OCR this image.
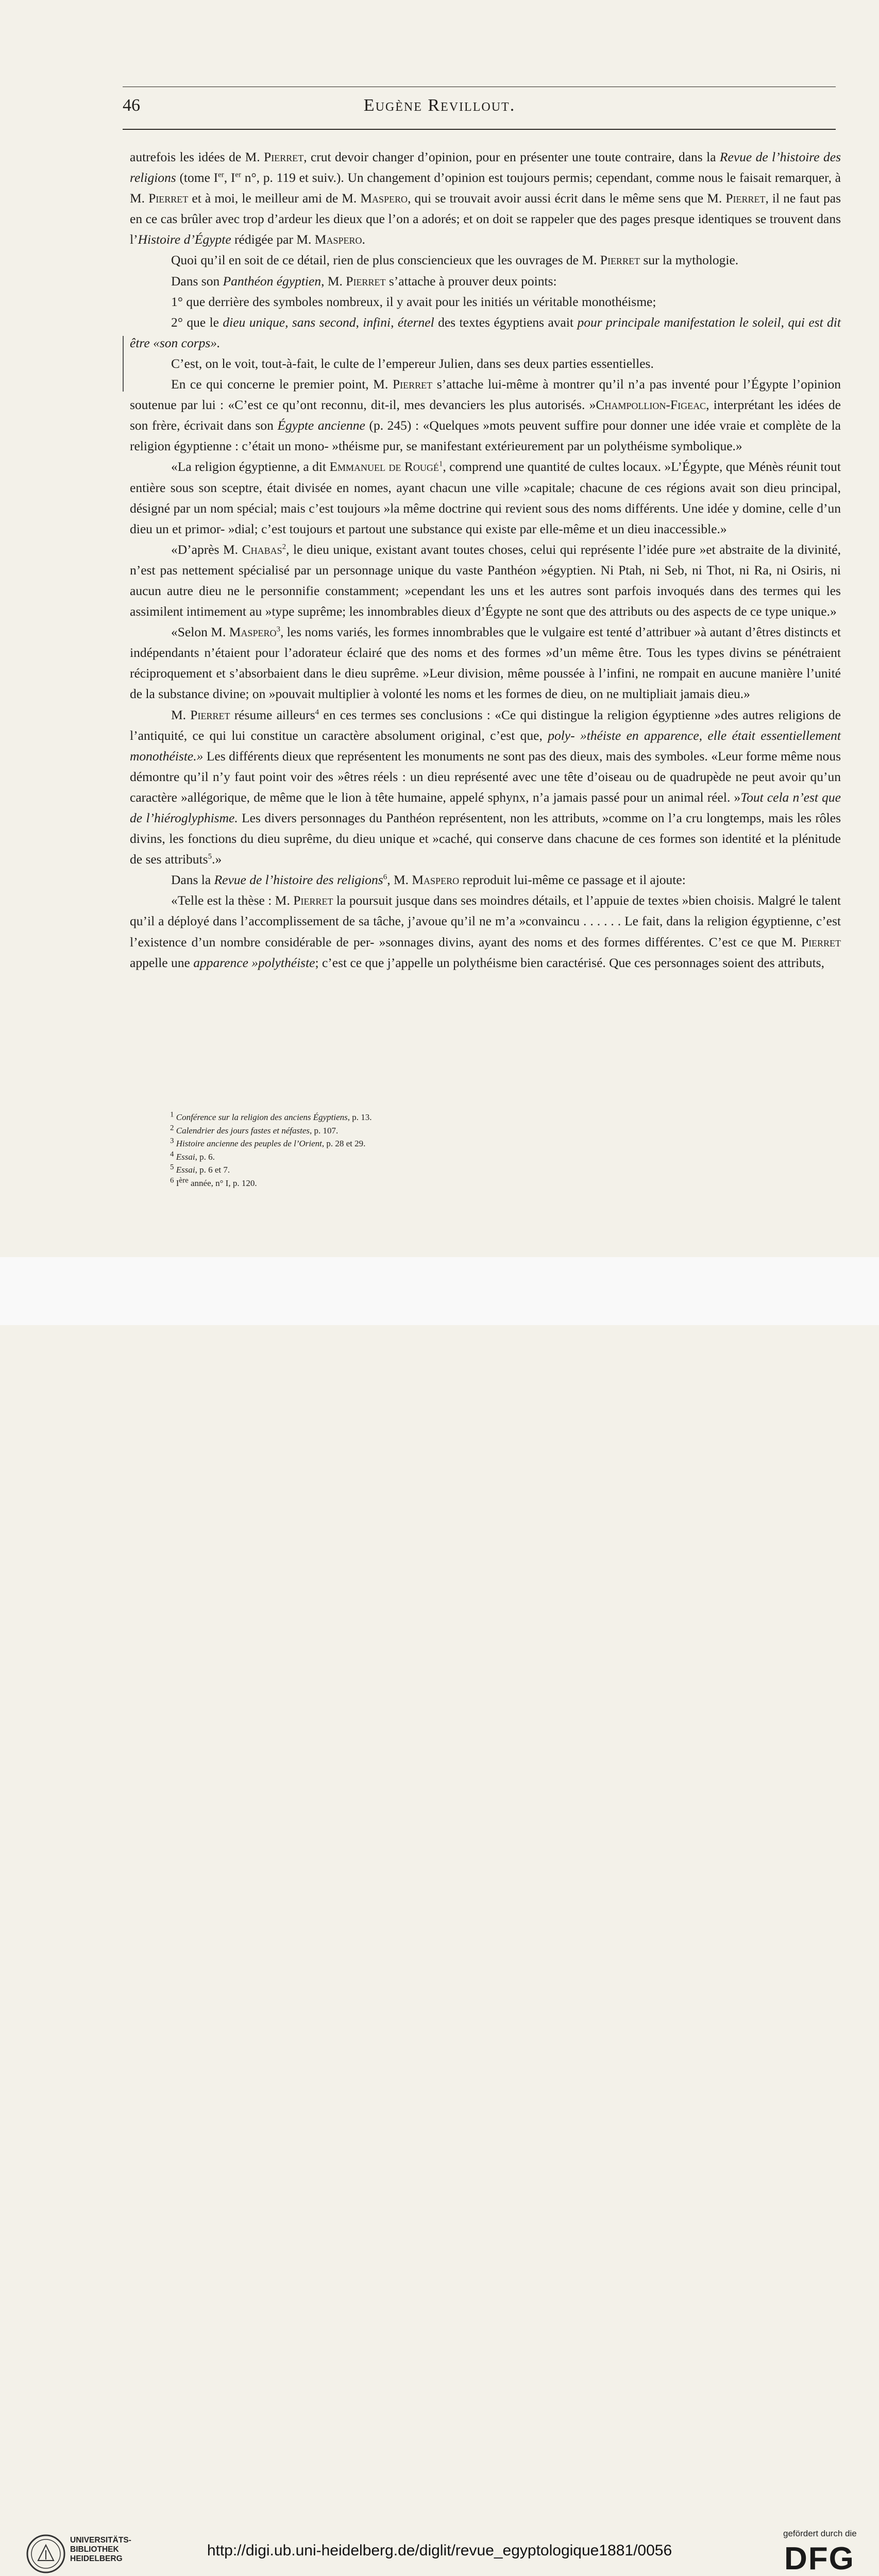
46	Eugène Revillout.

autrefois les idées de M. Pierret, crut devoir changer d’opinion, pour en présenter une toute contraire, dans la Revue de l’histoire des religions (tome Ier, Ier n°, p. 119 et suiv.). Un changement d’opinion est toujours permis; cependant, comme nous le faisait remarquer, à M. Pierret et à moi, le meilleur ami de M. Maspero, qui se trouvait avoir aussi écrit dans le même sens que M. Pierret, il ne faut pas en ce cas brûler avec trop d’ardeur les dieux que l’on a adorés; et on doit se rappeler que des pages presque identiques se trouvent dans l’Histoire d’Égypte rédigée par M. Maspero.

Quoi qu’il en soit de ce détail, rien de plus consciencieux que les ouvrages de M. Pierret sur la mythologie.

Dans son Panthéon égyptien, M. Pierret s’attache à prouver deux points:

1° que derrière des symboles nombreux, il y avait pour les initiés un véritable monothéisme;

2° que le dieu unique, sans second, infini, éternel des textes égyptiens avait pour principale manifestation le soleil, qui est dit être «son corps».

C’est, on le voit, tout-à-fait, le culte de l’empereur Julien, dans ses deux parties essentielles.

En ce qui concerne le premier point, M. Pierret s’attache lui-même à montrer qu’il n’a pas inventé pour l’Égypte l’opinion soutenue par lui : «C’est ce qu’ont reconnu, dit-il, mes devanciers les plus autorisés. »Champollion-Figeac, interprétant les idées de son frère, écrivait dans son Égypte ancienne (p. 245) : «Quelques »mots peuvent suffire pour donner une idée vraie et complète de la religion égyptienne : c’était un mono- »théisme pur, se manifestant extérieurement par un polythéisme symbolique.»

«La religion égyptienne, a dit Emmanuel de Rougé$^1$, comprend une quantité de cultes locaux. »L’Égypte, que Ménès réunit tout entière sous son sceptre, était divisée en nomes, ayant chacun une ville »capitale; chacune de ces régions avait son dieu principal, désigné par un nom spécial; mais c’est toujours »la même doctrine qui revient sous des noms différents. Une idée y domine, celle d’un dieu un et primor- »dial; c’est toujours et partout une substance qui existe par elle-même et un dieu inaccessible.»

«D’après M. Chabas$^2$, le dieu unique, existant avant toutes choses, celui qui représente l’idée pure »et abstraite de la divinité, n’est pas nettement spécialisé par un personnage unique du vaste Panthéon »égyptien. Ni Ptah, ni Seb, ni Thot, ni Ra, ni Osiris, ni aucun autre dieu ne le personnifie constamment; »cependant les uns et les autres sont parfois invoqués dans des termes qui les assimilent intimement au »type suprême; les innombrables dieux d’Égypte ne sont que des attributs ou des aspects de ce type unique.»

«Selon M. Maspero$^3$, les noms variés, les formes innombrables que le vulgaire est tenté d’attribuer »à autant d’êtres distincts et indépendants n’étaient pour l’adorateur éclairé que des noms et des formes »d’un même être. Tous les types divins se pénétraient réciproquement et s’absorbaient dans le dieu suprême. »Leur division, même poussée à l’infini, ne rompait en aucune manière l’unité de la substance divine; on »pouvait multiplier à volonté les noms et les formes de dieu, on ne multipliait jamais dieu.»

M. Pierret résume ailleurs$^4$ en ces termes ses conclusions : «Ce qui distingue la religion égyptienne »des autres religions de l’antiquité, ce qui lui constitue un caractère absolument original, c’est que, poly- »théiste en apparence, elle était essentiellement monothéiste.» Les différents dieux que représentent les monuments ne sont pas des dieux, mais des symboles. «Leur forme même nous démontre qu’il n’y faut point voir des »êtres réels : un dieu représenté avec une tête d’oiseau ou de quadrupède ne peut avoir qu’un caractère »allégorique, de même que le lion à tête humaine, appelé sphynx, n’a jamais passé pour un animal réel. »Tout cela n’est que de l’hiéroglyphisme. Les divers personnages du Panthéon représentent, non les attributs, »comme on l’a cru longtemps, mais les rôles divins, les fonctions du dieu suprême, du dieu unique et »caché, qui conserve dans chacune de ces formes son identité et la plénitude de ses attributs$^5$.»

Dans la Revue de l’histoire des religions$^6$, M. Maspero reproduit lui-même ce passage et il ajoute:

«Telle est la thèse : M. Pierret la poursuit jusque dans ses moindres détails, et l’appuie de textes »bien choisis. Malgré le talent qu’il a déployé dans l’accomplissement de sa tâche, j’avoue qu’il ne m’a »convaincu . . . . . . Le fait, dans la religion égyptienne, c’est l’existence d’un nombre considérable de per- »sonnages divins, ayant des noms et des formes différentes. C’est ce que M. Pierret appelle une apparence »polythéiste; c’est ce que j’appelle un polythéisme bien caractérisé. Que ces personnages soient des attributs,

$^1$ Conférence sur la religion des anciens Égyptiens, p. 13.
$^2$ Calendrier des jours fastes et néfastes, p. 107.
$^3$ Histoire ancienne des peuples de l’Orient, p. 28 et 29.
$^4$ Essai, p. 6.
$^5$ Essai, p. 6 et 7.
$^6$ Ière année, n° I, p. 120.
UNIVERSITÄTS-
BIBLIOTHEK
HEIDELBERG	http://digi.ub.uni-heidelberg.de/diglit/revue_egyptologique1881/0056
gefördert durch die
DFG
